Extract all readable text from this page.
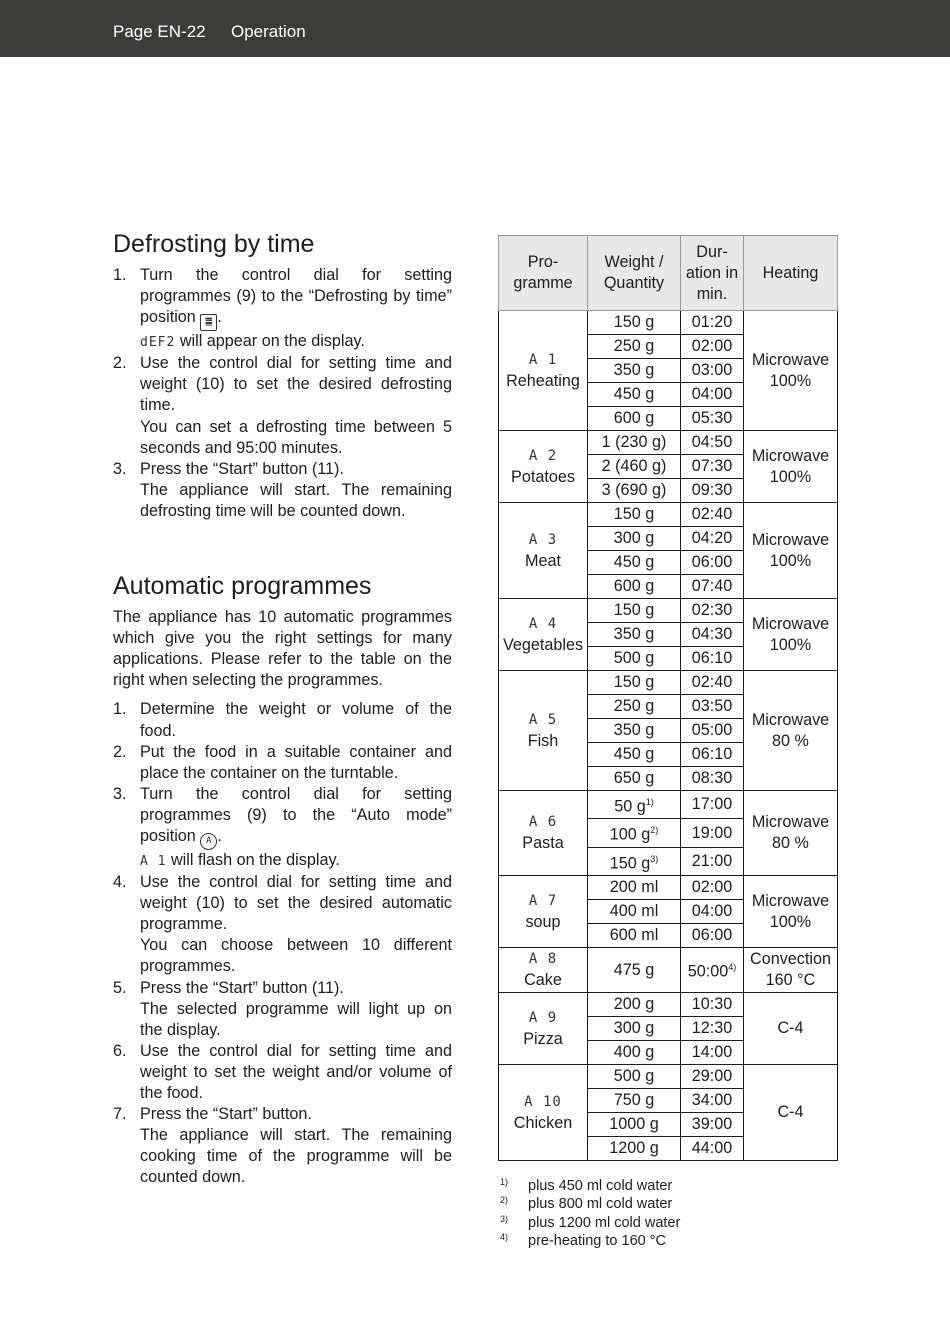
Page EN-22 Operation
Defrosting by time
1. Turn the control dial for setting programmes (9) to the “Defrosting by time” position ䷀ .

dEF2 will appear on the display.

2. Use the control dial for setting time and weight (10) to set the desired defrosting time.

You can set a defrosting time between 5 seconds and 95:00 minutes.

3. Press the “Start” button (11).

The appliance will start. The remaining defrosting time will be counted down.

Automatic programmes

The appliance has 10 automatic programmes which give you the right settings for many applications. Please refer to the table on the right when selecting the programmes.

1. Determine the weight or volume of the food.

2. Put the food in a suitable container and place the container on the turntable.

3. Turn the control dial for setting programmes (9) to the “Auto mode” position A .

A 1 will flash on the display.

4. Use the control dial for setting time and weight (10) to set the desired automatic programme.

You can choose between 10 different programmes.

5. Press the “Start” button (11).

The selected programme will light up on the display.

6. Use the control dial for setting time and weight to set the weight and/or volume of the food.

7. Press the “Start” button.

The appliance will start. The remaining cooking time of the programme will be counted down.

Pro-gramme	Weight / Quantity	Dur-ation in min.	Heating

A 1
Reheating	150 g	01:20	Microwave 100%
	250 g	02:00	
	350 g	03:00	
	450 g	04:00	
	600 g	05:30	

A 2
Potatoes	1 (230 g)	04:50	Microwave 100%
	2 (460 g)	07:30	
	3 (690 g)	09:30	

A 3
Meat	150 g	02:40	Microwave 100%
	300 g	04:20	
	450 g	06:00	
	600 g	07:40	

A 4
Vegetables	150 g	02:30	Microwave 100%
	350 g	04:30	
	500 g	06:10	

A 5
Fish	150 g	02:40	Microwave 80 %
	250 g	03:50	
	350 g	05:00	
	450 g	06:10	
	650 g	08:30	

A 6
Pasta	50 $g^{1)}$	17:00	Microwave 80 %
	100 $g^{2)}$	19:00	
	150 $g^{3)}$	21:00	

A 7
soup	200 ml	02:00	Microwave 100%
	400 ml	04:00	
	600 ml	06:00	

A 8
Cake	475 g	50:00$^{4)}$	Convection 160 °C

A 9
Pizza	200 g	10:30	C-4
	300 g	12:30	
	400 g	14:00	

A 10
Chicken	500 g	29:00	C-4
	750 g	34:00	
	1000 g	39:00	
	1200 g	44:00	
1) plus 450 ml cold water
2) plus 800 ml cold water
3) plus 1200 ml cold water
4) pre-heating to 160 °C
